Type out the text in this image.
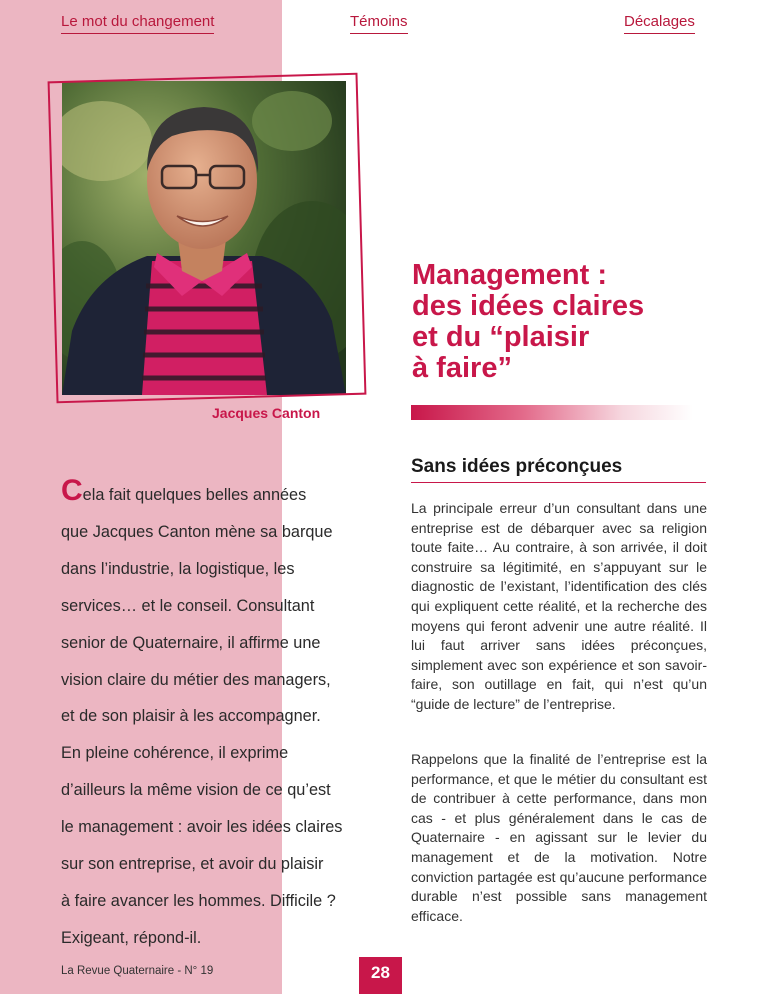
Le mot du changement	Témoins	Décalages
Jacques Canton
Management :
des idées claires
et du “plaisir
à faire”
Sans idées préconçues

La principale erreur d’un consultant dans une entreprise est de débarquer avec sa religion toute faite… Au contraire, à son arrivée, il doit construire sa légitimité, en s’appuyant sur le diagnostic de l’existant, l’identification des clés qui expliquent cette réalité, et la recherche des moyens qui feront advenir une autre réalité. Il lui faut arriver sans idées préconçues, simplement avec son expérience et son savoir-faire, son outillage en fait, qui n’est qu’un “guide de lecture” de l’entreprise.

Rappelons que la finalité de l’entreprise est la performance, et que le métier du consultant est de contribuer à cette performance, dans mon cas - et plus généralement dans le cas de Quaternaire - en agissant sur le levier du management et de la motivation. Notre conviction partagée est qu’aucune performance durable n’est possible sans management efficace.

Cela fait quelques belles années
que Jacques Canton mène sa barque
dans l’industrie, la logistique, les
services… et le conseil. Consultant
senior de Quaternaire, il affirme une
vision claire du métier des managers,
et de son plaisir à les accompagner.
En pleine cohérence, il exprime
d’ailleurs la même vision de ce qu’est
le management : avoir les idées claires
sur son entreprise, et avoir du plaisir
à faire avancer les hommes. Difficile ?
Exigeant, répond-il.

La Revue Quaternaire - N° 19	28
